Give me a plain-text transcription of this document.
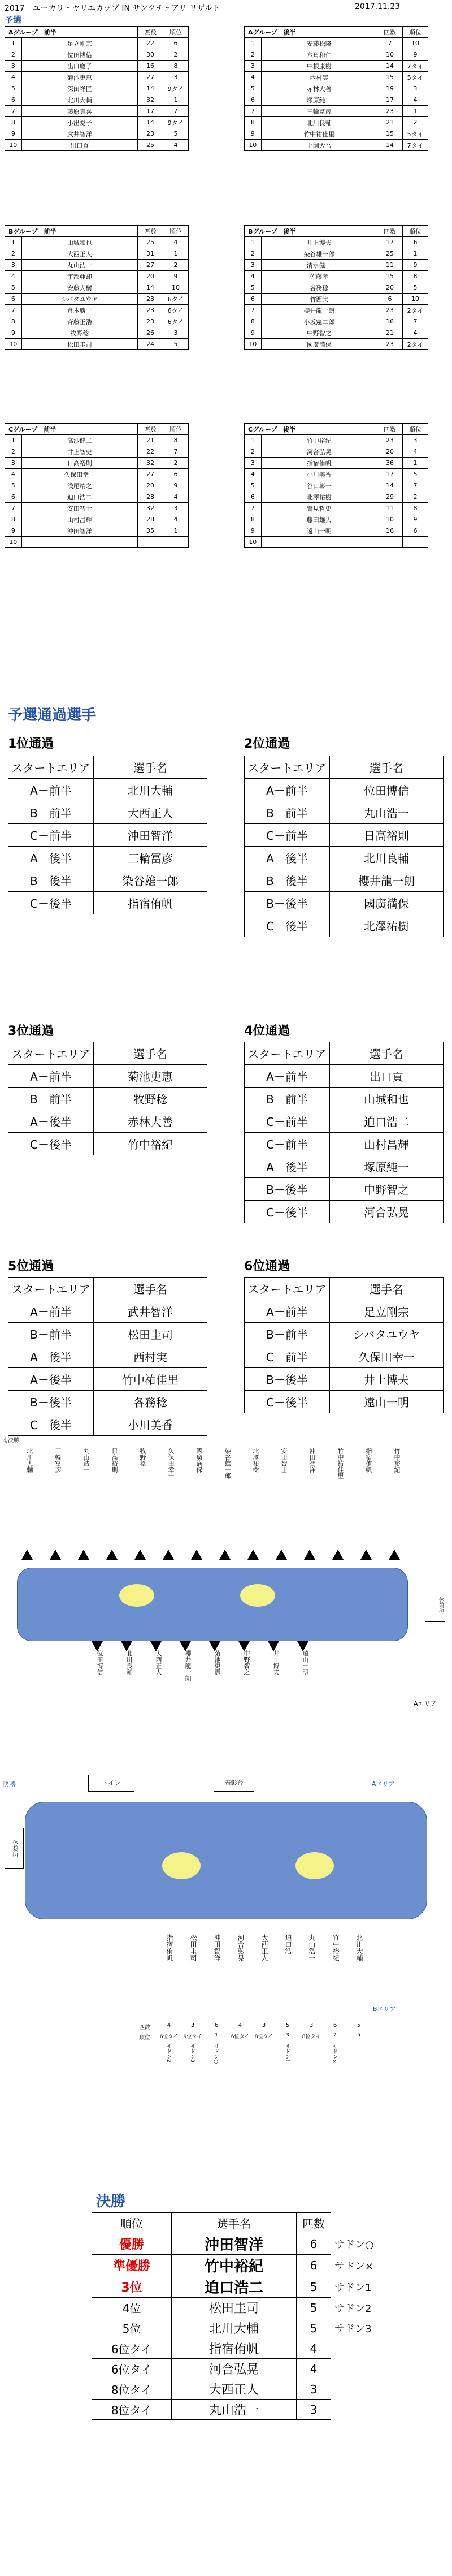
2017　ユーカリ・ヤリエカップ IN サンクチュアリ リザルト	2017.11.23
予選
Aグループ　前半		匹数	順位
1	足立剛宗	22	6
2	位田博信	30	2
3	出口慶子	16	8
4	菊池吏恵	27	3
5	深田祥匡	14	9タイ
6	北川大輔	32	1
7	藤原真喜	17	7
8	小出愛子	14	9タイ
9	武井智洋	23	5
10	出口貢	25	4
Aグループ　後半		匹数	順位
1	安藤松隆	7	10
2	六角和仁	10	9
3	中根康樹	14	7タイ
4	西村実	15	5タイ
5	赤林大善	19	3
6	塚原純一	17	4
7	三輪冨彦	23	1
8	北川良輔	21	2
9	竹中祐佳里	15	5タイ
10	上園大吾	14	7タイ
Bグループ　前半		匹数	順位
1	山城和也	25	4
2	大西正人	31	1
3	丸山浩一	27	2
4	宇都亜却	20	9
5	安藤大樹	14	10
6	シバタユウヤ	23	6タイ
7	倉本勝一	23	6タイ
8	斉藤正浩	23	6タイ
9	牧野稔	26	3
10	松田圭司	24	5
Bグループ　後半		匹数	順位
1	井上博夫	17	6
2	染谷雄一郎	25	1
3	清水健一	11	9
4	佐藤孝	15	8
5	各務稔	20	5
6	竹西実	6	10
7	櫻井龍一朗	23	2タイ
8	小坂憲二郎	16	7
9	中野智之	21	4
10	國廣満保	23	2タイ
Cグループ　前半		匹数	順位
1	高沙健二	21	8
2	井上智史	22	7
3	日高裕則	32	2
4	久保田幸一	27	6
5	浅尾靖之	20	9
6	迫口浩二	28	4
7	安田智士	32	3
8	山村昌輝	28	4
9	沖田智洋	35	1
10			
Cグループ　後半		匹数	順位
1	竹中裕紀	23	3
2	河合弘晃	20	4
3	指宿侑帆	36	1
4	小川美香	17	5
5	谷口彰一	14	7
6	北澤祐樹	29	2
7	鷲見哲史	11	8
8	藤田雄大	10	9
9	遠山一明	16	6
10			
予選通過選手
1位通過
スタートエリア	選手名
A－前半	北川大輔
B－前半	大西正人
C－前半	沖田智洋
A－後半	三輪冨彦
B－後半	染谷雄一郎
C－後半	指宿侑帆
2位通過
スタートエリア	選手名
A－前半	位田博信
B－前半	丸山浩一
C－前半	日高裕則
A－後半	北川良輔
B－後半	櫻井龍一朗
B－後半	國廣満保
C－後半	北澤祐樹
3位通過
スタートエリア	選手名
A－前半	菊池吏恵
B－前半	牧野稔
A－後半	赤林大善
C－後半	竹中裕紀
4位通過
スタートエリア	選手名
A－前半	出口貢
B－前半	山城和也
C－前半	迫口浩二
C－前半	山村昌輝
A－後半	塚原純一
B－後半	中野智之
C－後半	河合弘晃
5位通過
スタートエリア	選手名
A－前半	武井智洋
B－前半	松田圭司
A－後半	西村実
A－後半	竹中祐佳里
B－後半	各務稔
C－後半	小川美香
6位通過
スタートエリア	選手名
A－前半	足立剛宗
B－前半	シバタユウヤ
C－前半	久保田幸一
B－後半	井上博夫
C－後半	遠山一明
南決勝
休憩所
Aエリア
北川大輔	三輪冨彦	丸山浩一	日高裕則	牧野稔	久保田幸一	國廣満保	染谷雄一郎	北澤祐樹	安田智士	沖田智洋	竹中祐佳里	指宿侑帆	竹中裕紀
位田博信	北川良輔	大西正人	櫻井龍一朗	菊池吏恵	中野智之	井上博夫	遠山一明
決勝	トイレ	表彰台	Aエリア
休憩所
Bエリア
指宿侑帆
4
6位タイ
サドン2
松田圭司
3
9位タイ
サドン3
沖田智洋
6
1
サドン○
河合弘晃
4
6位タイ
大西正人
3
8位タイ
迫口浩二
5
3
サドン1
丸山浩一
3
8位タイ
竹中裕紀
6
2
サドン×
北川大輔
5
5
匹数
順位
決勝
順位	選手名	匹数	
優勝	沖田智洋	6	サドン○
準優勝	竹中裕紀	6	サドン×
3位	迫口浩二	5	サドン1
4位	松田圭司	5	サドン2
5位	北川大輔	5	サドン3
6位タイ	指宿侑帆	4	
6位タイ	河合弘晃	4	
8位タイ	大西正人	3	
8位タイ	丸山浩一	3	
